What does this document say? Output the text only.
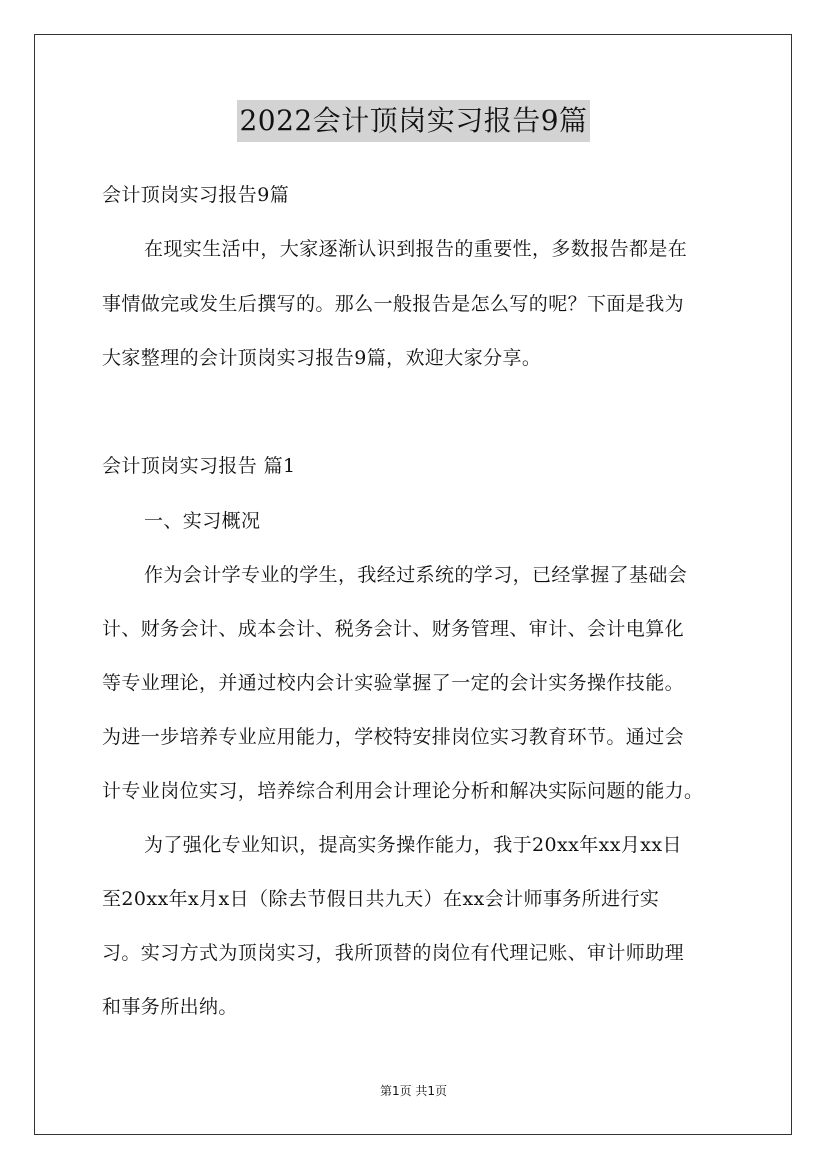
2022会计顶岗实习报告9篇
会计顶岗实习报告9篇
在现实生活中，大家逐渐认识到报告的重要性，多数报告都是在
事情做完或发生后撰写的。那么一般报告是怎么写的呢？下面是我为
大家整理的会计顶岗实习报告9篇，欢迎大家分享。
会计顶岗实习报告 篇1
一、实习概况
作为会计学专业的学生，我经过系统的学习，已经掌握了基础会
计、财务会计、成本会计、税务会计、财务管理、审计、会计电算化
等专业理论，并通过校内会计实验掌握了一定的会计实务操作技能。
为进一步培养专业应用能力，学校特安排岗位实习教育环节。通过会
计专业岗位实习，培养综合利用会计理论分析和解决实际问题的能力。
为了强化专业知识，提高实务操作能力，我于20xx年xx月xx日
至20xx年x月x日（除去节假日共九天）在xx会计师事务所进行实
习。实习方式为顶岗实习，我所顶替的岗位有代理记账、审计师助理
和事务所出纳。
第1页 共1页
